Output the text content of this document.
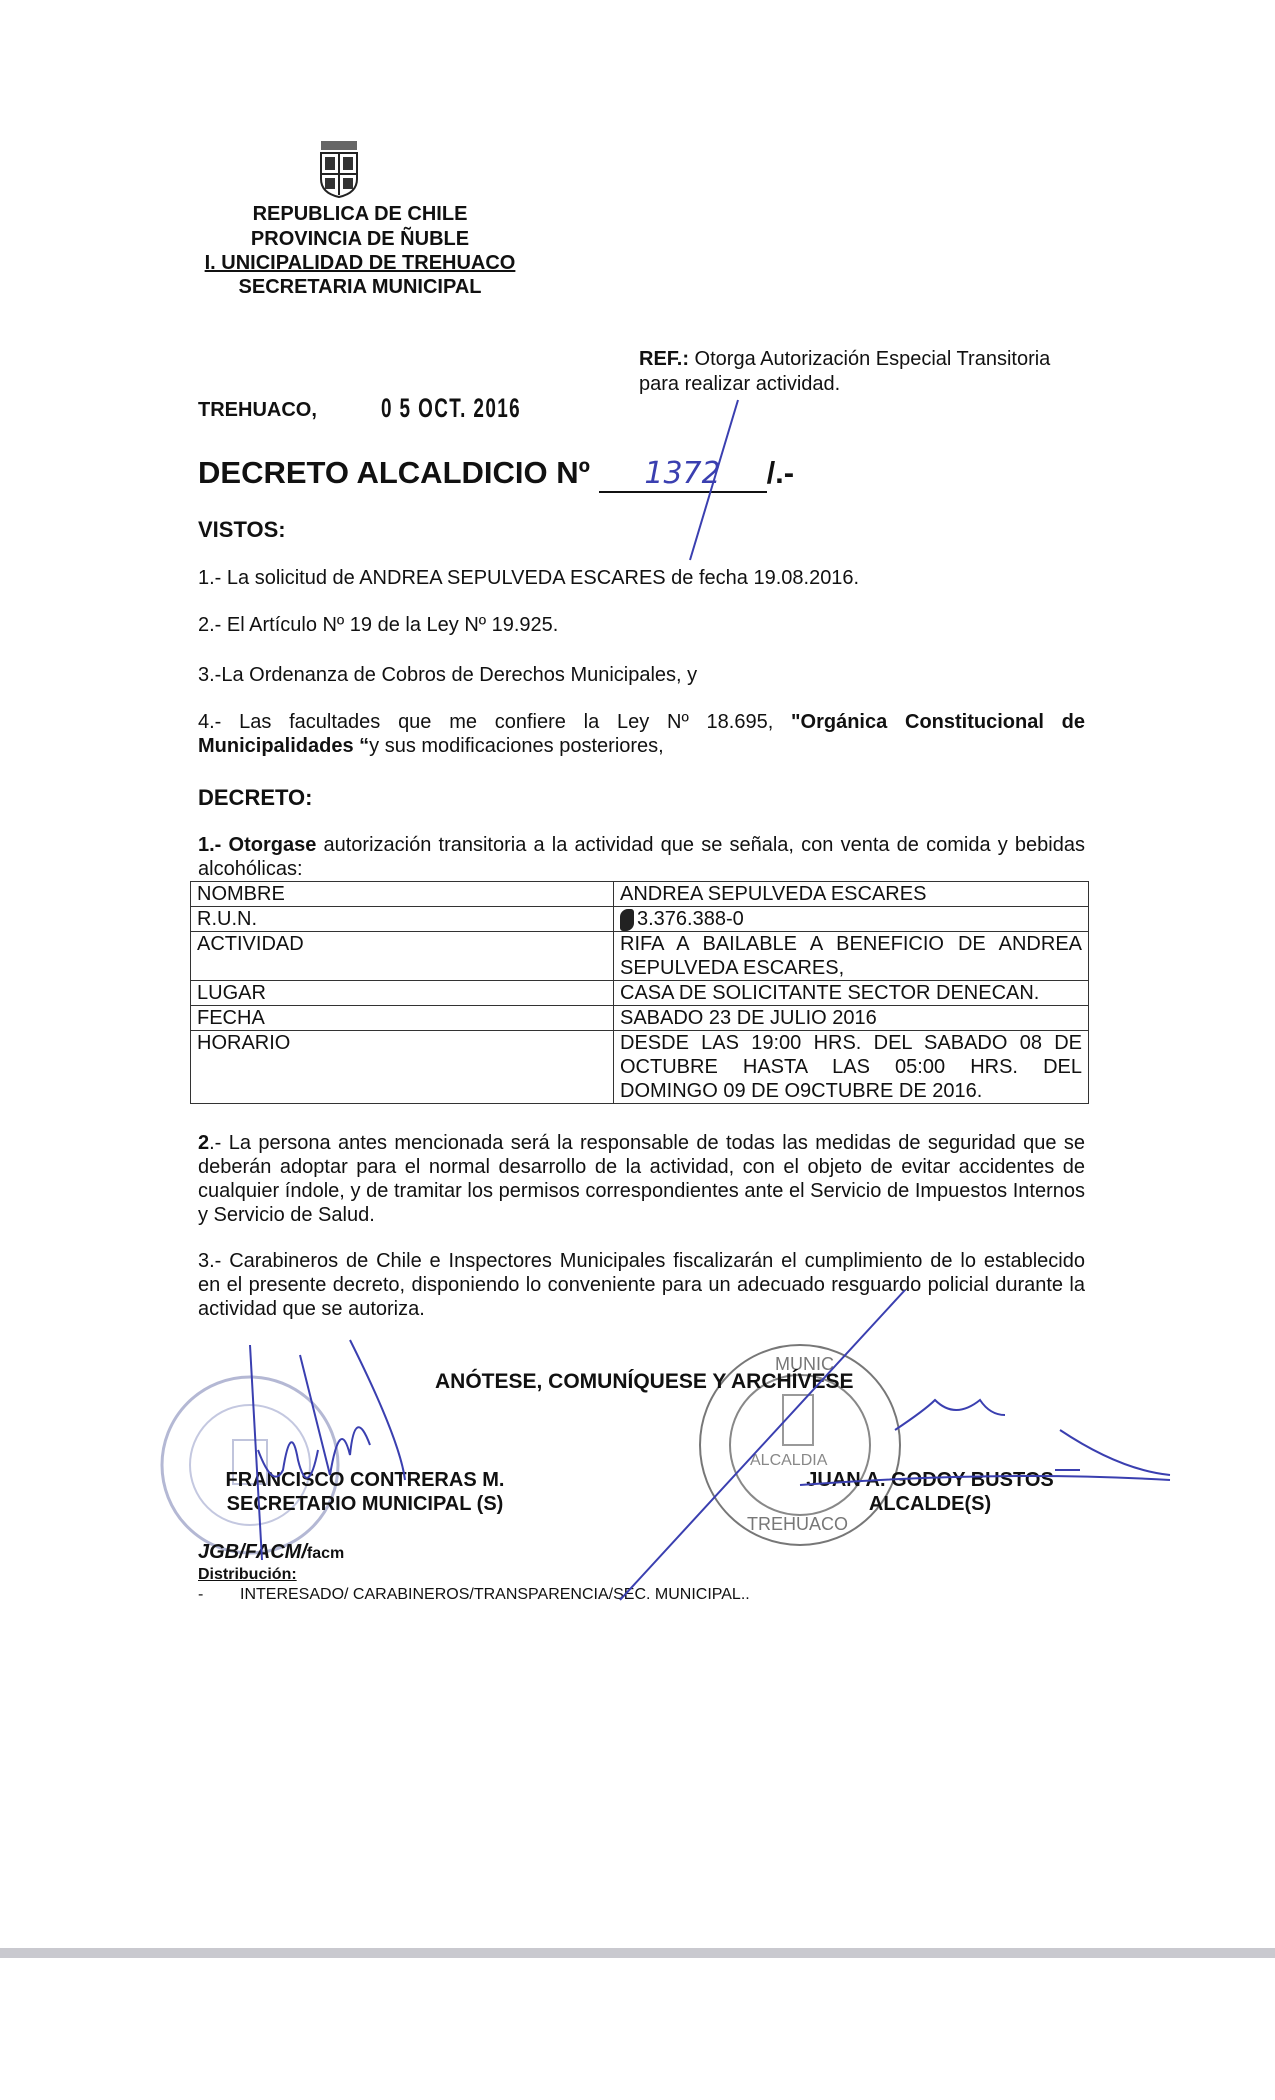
REPUBLICA DE CHILE
PROVINCIA DE ÑUBLE
I. UNICIPALIDAD DE TREHUACO
SECRETARIA MUNICIPAL
REF.: Otorga Autorización Especial Transitoria
para realizar actividad.
TREHUACO, 0 5 OCT. 2016
DECRETO ALCALDICIO Nº 1372 /.-
VISTOS:
1.- La solicitud de ANDREA SEPULVEDA ESCARES de fecha 19.08.2016.
2.- El Artículo Nº 19 de la Ley Nº 19.925.
3.-La Ordenanza de Cobros de Derechos Municipales, y
4.- Las facultades que me confiere la Ley Nº 18.695, "Orgánica Constitucional de Municipalidades “y sus modificaciones posteriores,
DECRETO:
1.- Otorgase autorización transitoria a la actividad que se señala, con venta de comida y bebidas alcohólicas:
NOMBRE	ANDREA SEPULVEDA ESCARES
R.U.N.	3.376.388-0
ACTIVIDAD	RIFA A BAILABLE A BENEFICIO DE ANDREA SEPULVEDA ESCARES,
LUGAR	CASA DE SOLICITANTE SECTOR DENECAN.
FECHA	SABADO 23 DE JULIO 2016
HORARIO	DESDE LAS 19:00 HRS. DEL SABADO 08 DE OCTUBRE HASTA LAS 05:00 HRS. DEL DOMINGO 09 DE O9CTUBRE DE 2016.
2.- La persona antes mencionada será la responsable de todas las medidas de seguridad que se deberán adoptar para el normal desarrollo de la actividad, con el objeto de evitar accidentes de cualquier índole, y de tramitar los permisos correspondientes ante el Servicio de Impuestos Internos y Servicio de Salud.
3.- Carabineros de Chile e Inspectores Municipales fiscalizarán el cumplimiento de lo establecido en el presente decreto, disponiendo lo conveniente para un adecuado resguardo policial durante la actividad que se autoriza.
ALCALDIA
TREHUACO
MUNIC
ANÓTESE, COMUNÍQUESE Y ARCHÍVESE
FRANCISCO CONTRERAS M.
SECRETARIO MUNICIPAL (S)
JUAN A. GODOY BUSTOS
ALCALDE(S)
JGB/FACM/facm
Distribución:
- INTERESADO/ CARABINEROS/TRANSPARENCIA/SEC. MUNICIPAL..
